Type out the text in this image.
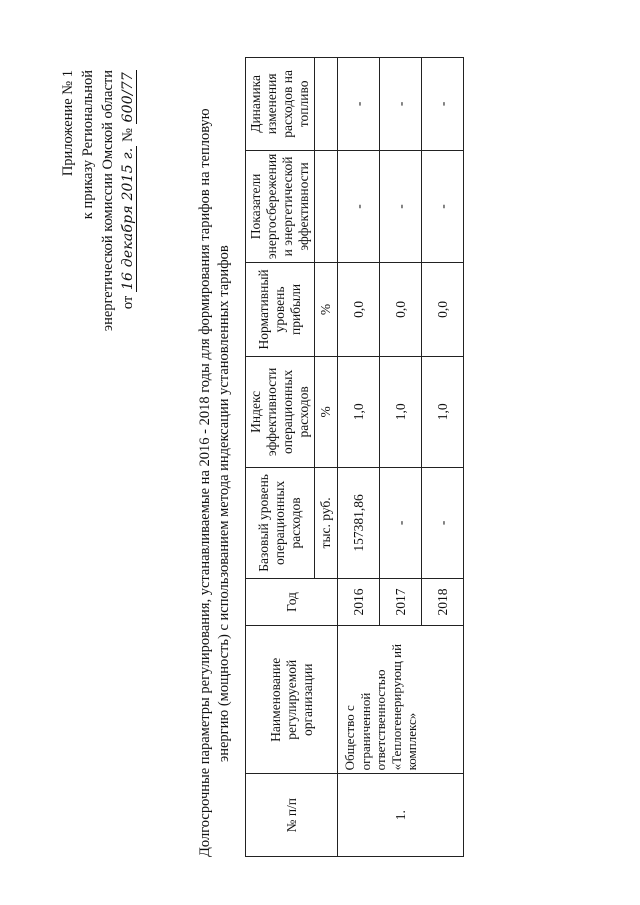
Приложение № 1 к приказу Региональной энергетической комиссии Омской области от 16 декабря 2015 г. № 600/77
Долгосрочные параметры регулирования, устанавливаемые на 2016 - 2018 годы для формирования тарифов на тепловую энергию (мощность) с использованием метода индексации установленных тарифов
№ п/п	Наименование регулируемой организации	Год	Базовый уровень операционных расходов	Индекс эффективности операционных расходов	Нормативный уровень прибыли	Показатели энергосбережения и энергетической эффективности	Динамика изменения расходов на топливо
			тыс. руб.	%	%		
1.	Общество с ограниченной ответственностью «Теплогенерирующ ий комплекс»	2016	157381,86	1,0	0,0	-	-
		2017	-	1,0	0,0	-	-
		2018	-	1,0	0,0	-	-
